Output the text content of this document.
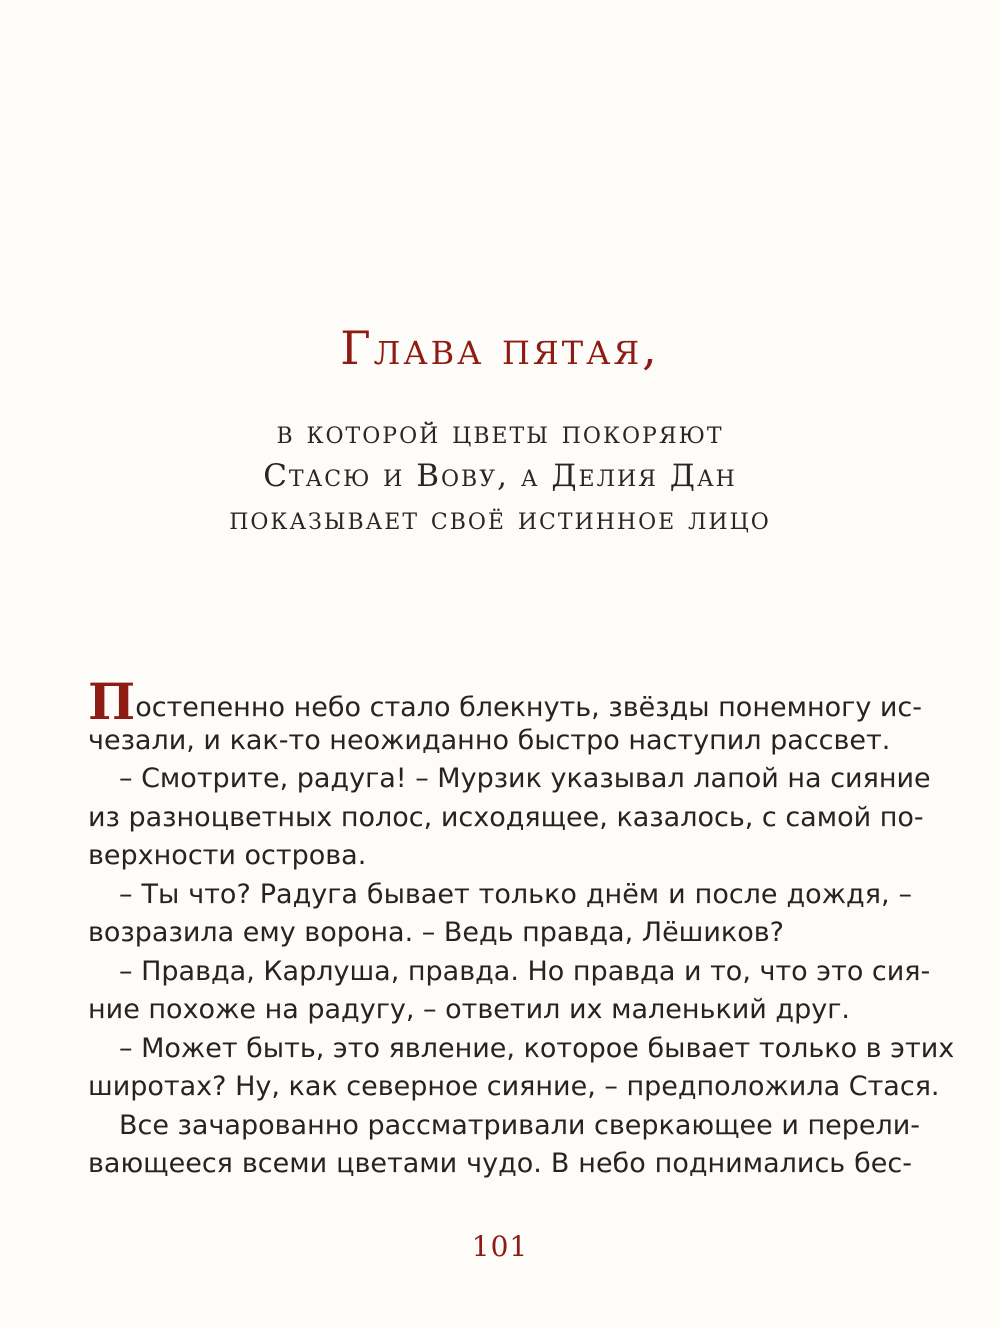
Глава пятая,
в которой цветы покоряют
Стасю и Вову, а Делия Дан
показывает своё истинное лицо
Постепенно небо стало блекнуть, звёзды понемногу ис-
чезали, и как-то неожиданно быстро наступил рассвет.
– Смотрите, радуга! – Мурзик указывал лапой на сияние
из разноцветных полос, исходящее, казалось, с самой по-
верхности острова.
– Ты что? Радуга бывает только днём и после дождя, –
возразила ему ворона. – Ведь правда, Лёшиков?
– Правда, Карлуша, правда. Но правда и то, что это сия-
ние похоже на радугу, – ответил их маленький друг.
– Может быть, это явление, которое бывает только в этих
широтах? Ну, как северное сияние, – предположила Стася.
Все зачарованно рассматривали сверкающее и перели-
вающееся всеми цветами чудо. В небо поднимались бес-
101
